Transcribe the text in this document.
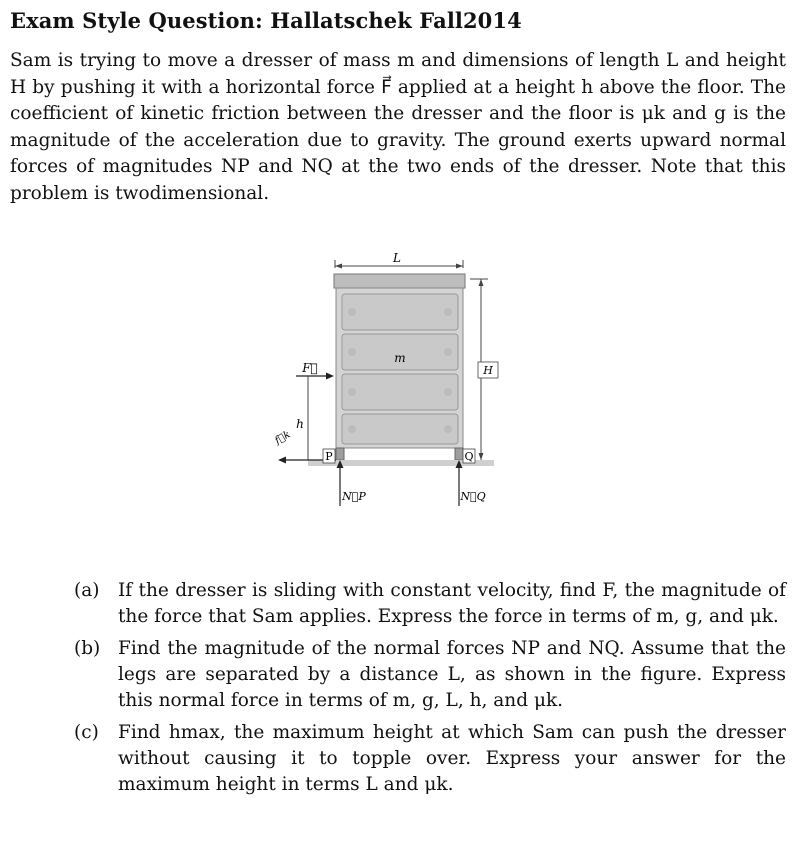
Exam Style Question: Hallatschek Fall2014
Sam is trying to move a dresser of mass m and dimensions of length L and height H by pushing it with a horizontal force F⃗ applied at a height h above the floor. The coefficient of kinetic friction between the dresser and the floor is μk and g is the magnitude of the acceleration due to gravity. The ground exerts upward normal forces of magnitudes NP and NQ at the two ends of the dresser. Note that this problem is twodimensional.
L
m
H
F⃗
h
f⃗k
P	Q
N⃗P	N⃗Q
(a) If the dresser is sliding with constant velocity, find F, the magnitude of the force that Sam applies. Express the force in terms of m, g, and μk.
(b) Find the magnitude of the normal forces NP and NQ. Assume that the legs are separated by a distance L, as shown in the figure. Express this normal force in terms of m, g, L, h, and μk.
(c) Find hmax, the maximum height at which Sam can push the dresser without causing it to topple over. Express your answer for the maximum height in terms L and μk.
